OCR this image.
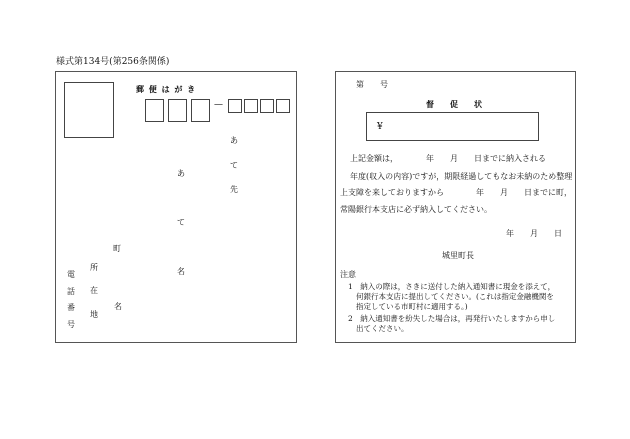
様式第134号(第256条関係)
郵 便 は が き
—
あ
て
先
あ
て
名
町
所
在
地
名
電
話
番
号
第　　号
督　　促　　状
¥
上記金額は，　　　　年　　月　　日までに納入される
年度(収入の内容)ですが，期限経過してもなお未納のため整理
上支障を来しておりますから　　　　年　　月　　日までに町，
常陽銀行本支店に必ず納入してください。
年　　月　　日
城里町長
注意
1　納入の際は，さきに送付した納入通知書に現金を添えて，
何銀行本支店に提出してください。(これは指定金融機関を
指定している市町村に適用する。)
2　納入通知書を紛失した場合は，再発行いたしますから申し
出てください。
